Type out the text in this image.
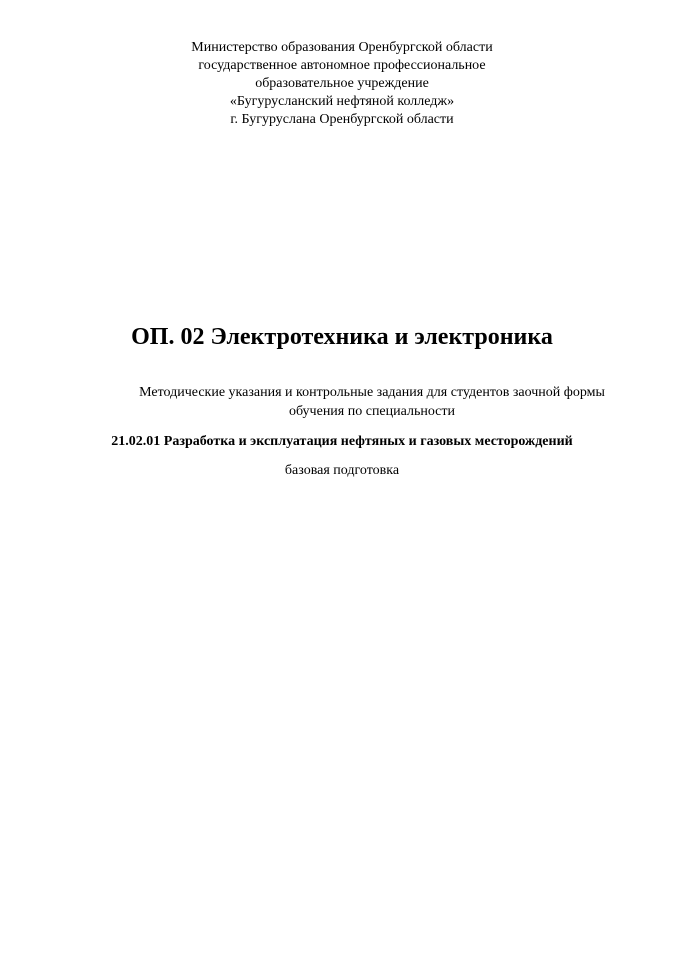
Министерство образования Оренбургской области
государственное автономное профессиональное
образовательное учреждение
«Бугурусланский нефтяной колледж»
г. Бугуруслана Оренбургской области
ОП. 02 Электротехника и электроника
Методические указания и контрольные задания для студентов заочной формы
обучения по специальности
21.02.01 Разработка и эксплуатация нефтяных и газовых месторождений
базовая подготовка
